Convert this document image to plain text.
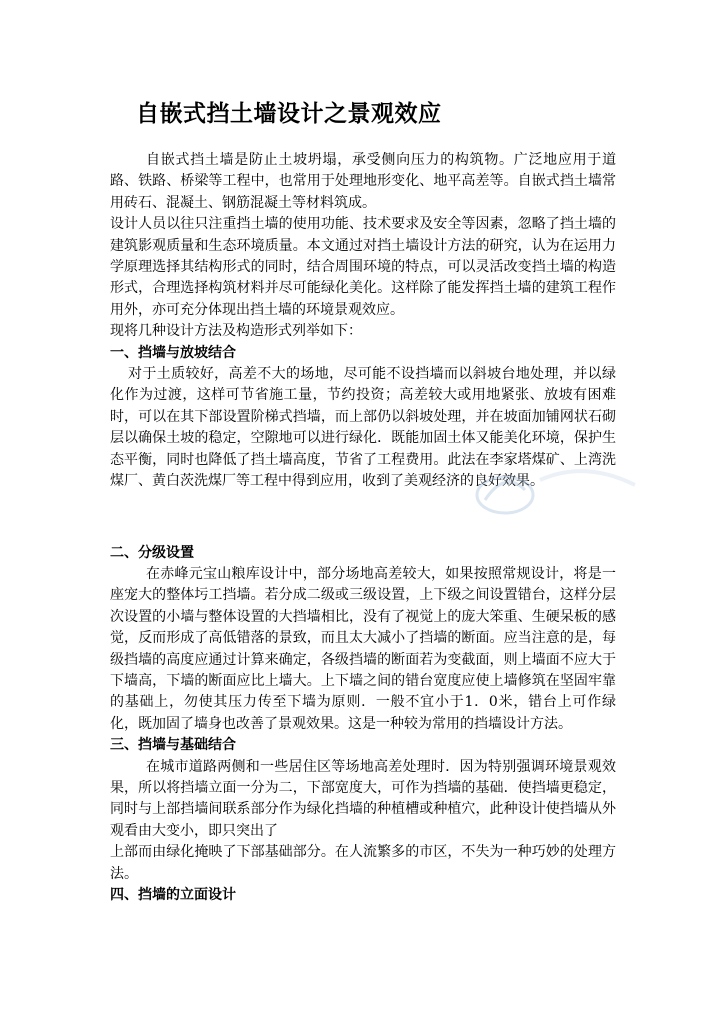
自嵌式挡土墙设计之景观效应

自嵌式挡土墙是防止土坡坍塌，承受侧向压力的构筑物。广泛地应用于道路、铁路、桥梁等工程中，也常用于处理地形变化、地平高差等。自嵌式挡土墙常用砖石、混凝土、钢筋混凝土等材料筑成。

设计人员以往只注重挡土墙的使用功能、技术要求及安全等因素，忽略了挡土墙的建筑影观质量和生态环境质量。本文通过对挡土墙设计方法的研究，认为在运用力学原理选择其结构形式的同时，结合周围环境的特点，可以灵活改变挡土墙的构造形式，合理选择构筑材料并尽可能绿化美化。这样除了能发挥挡土墙的建筑工程作用外，亦可充分体现出挡土墙的环境景观效应。

现将几种设计方法及构造形式列举如下：

一、挡墙与放坡结合

对于土质较好，高差不大的场地，尽可能不设挡墙而以斜坡台地处理，并以绿化作为过渡，这样可节省施工量，节约投资；高差较大或用地紧张、放坡有困难时，可以在其下部设置阶梯式挡墙，而上部仍以斜坡处理，并在坡面加铺网状石砌层以确保土坡的稳定，空隙地可以进行绿化．既能加固土体又能美化环境，保护生态平衡，同时也降低了挡土墙高度，节省了工程费用。此法在李家塔煤矿、上湾洗煤厂、黄白茨洗煤厂等工程中得到应用，收到了美观经济的良好效果。

二、分级设置

在赤峰元宝山粮库设计中，部分场地高差较大，如果按照常规设计，将是一座宠大的整体圬工挡墙。若分成二级或三级设置，上下级之间设置错台，这样分层次设置的小墙与整体设置的大挡墙相比，没有了视觉上的庞大笨重、生硬呆板的感觉，反而形成了高低错落的景致，而且太大减小了挡墙的断面。应当注意的是，每级挡墙的高度应通过计算来确定，各级挡墙的断面若为变截面，则上墙面不应大于下墙高，下墙的断面应比上墙大。上下墙之间的错台宽度应使上墙修筑在坚固牢靠的基础上，勿使其压力传至下墙为原则．一般不宜小于1．0米，错台上可作绿化，既加固了墙身也改善了景观效果。这是一种较为常用的挡墙设计方法。

三、挡墙与基础结合

在城市道路两侧和一些居住区等场地高差处理时．因为特别强调环境景观效果，所以将挡墙立面一分为二，下部宽度大，可作为挡墙的基础．使挡墙更稳定，同时与上部挡墙间联系部分作为绿化挡墙的种植槽或种植穴，此种设计使挡墙从外观看由大变小，即只突出了

上部而由绿化掩映了下部基础部分。在人流繁多的市区，不失为一种巧妙的处理方法。

四、挡墙的立面设计
